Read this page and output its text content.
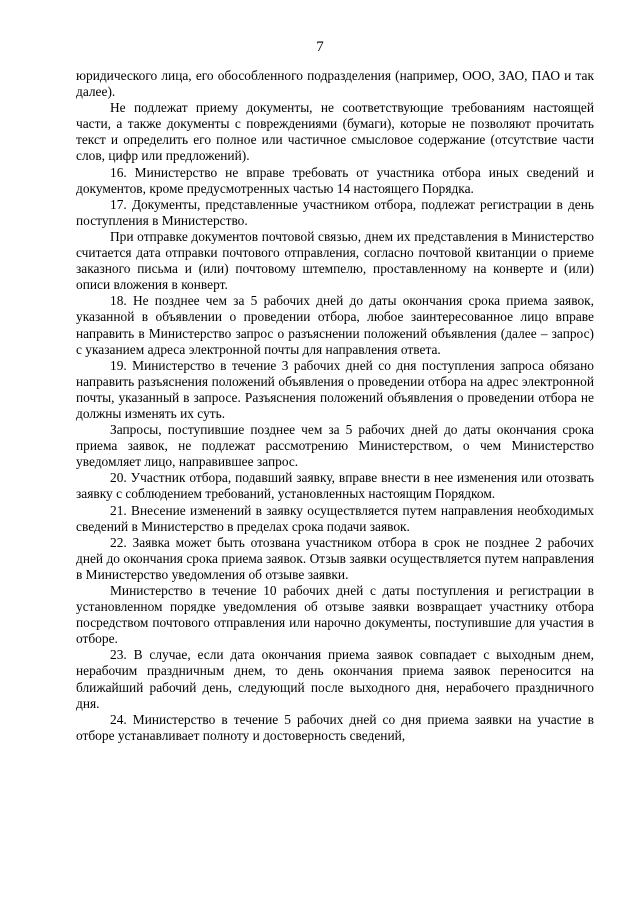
7

юридического лица, его обособленного подразделения (например, ООО, ЗАО, ПАО и так далее).

Не подлежат приему документы, не соответствующие требованиям настоящей части, а также документы с повреждениями (бумаги), которые не позволяют прочитать текст и определить его полное или частичное смысловое содержание (отсутствие части слов, цифр или предложений).

16. Министерство не вправе требовать от участника отбора иных сведений и документов, кроме предусмотренных частью 14 настоящего Порядка.

17. Документы, представленные участником отбора, подлежат регистрации в день поступления в Министерство.

При отправке документов почтовой связью, днем их представления в Министерство считается дата отправки почтового отправления, согласно почтовой квитанции о приеме заказного письма и (или) почтовому штемпелю, проставленному на конверте и (или) описи вложения в конверт.

18. Не позднее чем за 5 рабочих дней до даты окончания срока приема заявок, указанной в объявлении о проведении отбора, любое заинтересованное лицо вправе направить в Министерство запрос о разъяснении положений объявления (далее – запрос) с указанием адреса электронной почты для направления ответа.

19. Министерство в течение 3 рабочих дней со дня поступления запроса обязано направить разъяснения положений объявления о проведении отбора на адрес электронной почты, указанный в запросе. Разъяснения положений объявления о проведении отбора не должны изменять их суть.

Запросы, поступившие позднее чем за 5 рабочих дней до даты окончания срока приема заявок, не подлежат рассмотрению Министерством, о чем Министерство уведомляет лицо, направившее запрос.

20. Участник отбора, подавший заявку, вправе внести в нее изменения или отозвать заявку с соблюдением требований, установленных настоящим Порядком.

21. Внесение изменений в заявку осуществляется путем направления необходимых сведений в Министерство в пределах срока подачи заявок.

22. Заявка может быть отозвана участником отбора в срок не позднее 2 рабочих дней до окончания срока приема заявок. Отзыв заявки осуществляется путем направления в Министерство уведомления об отзыве заявки.

Министерство в течение 10 рабочих дней с даты поступления и регистрации в установленном порядке уведомления об отзыве заявки возвращает участнику отбора посредством почтового отправления или нарочно документы, поступившие для участия в отборе.

23. В случае, если дата окончания приема заявок совпадает с выходным днем, нерабочим праздничным днем, то день окончания приема заявок переносится на ближайший рабочий день, следующий после выходного дня, нерабочего праздничного дня.

24. Министерство в течение 5 рабочих дней со дня приема заявки на участие в отборе устанавливает полноту и достоверность сведений,
